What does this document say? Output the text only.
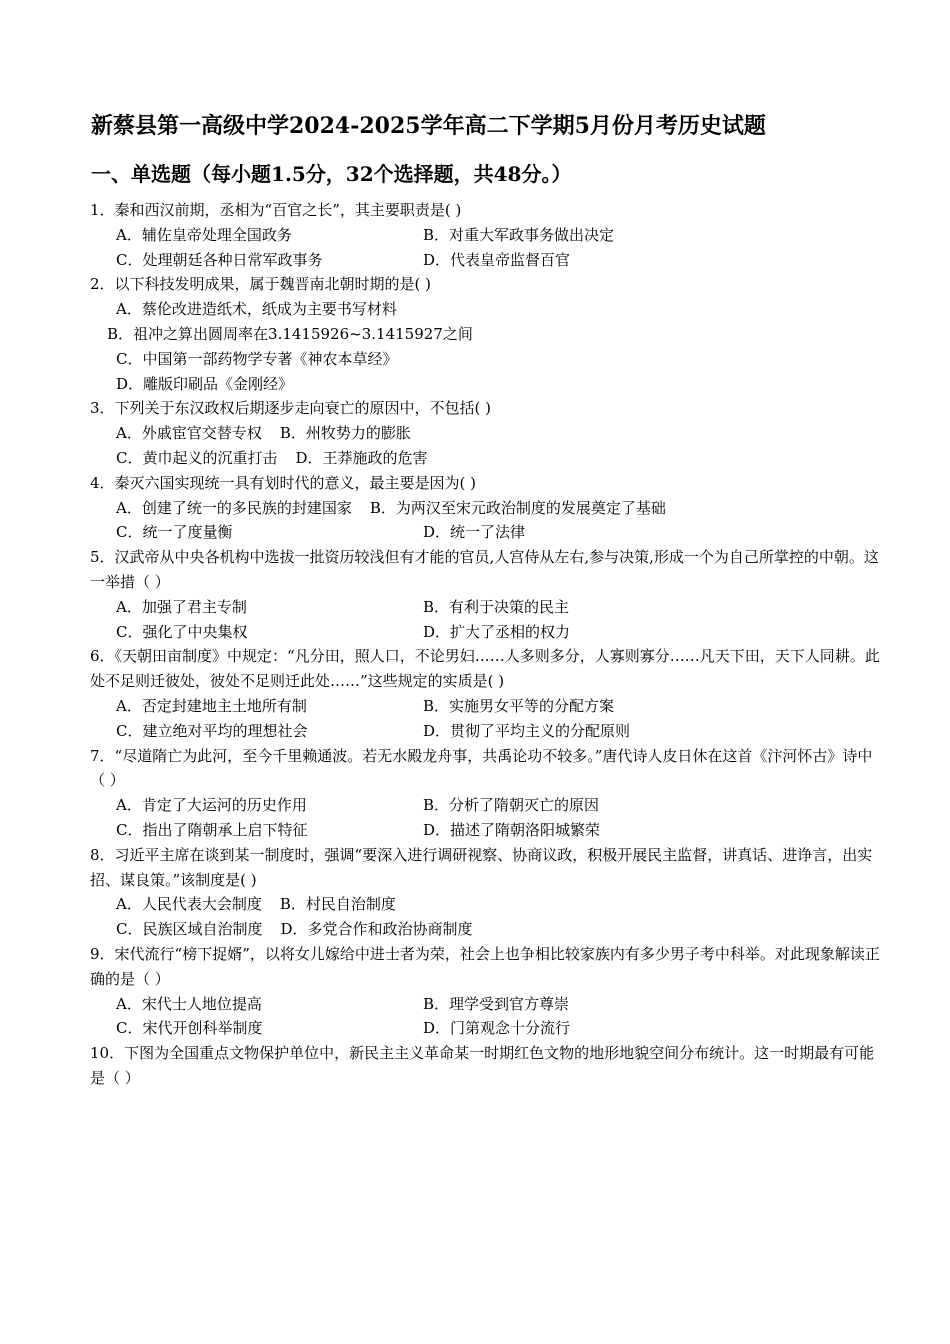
新蔡县第一高级中学2024-2025学年高二下学期5月份月考历史试题
一、单选题（每小题1.5分，32个选择题，共48分。）

1．秦和西汉前期，丞相为“百官之长”，其主要职责是( )

A．辅佐皇帝处理全国政务	B．对重大军政事务做出决定
C．处理朝廷各种日常军政事务	D．代表皇帝监督百官

2．以下科技发明成果，属于魏晋南北朝时期的是( )

A．蔡伦改进造纸术，纸成为主要书写材料
B．祖冲之算出圆周率在3.1415926~3.1415927之间
C．中国第一部药物学专著《神农本草经》
D．雕版印刷品《金刚经》

3．下列关于东汉政权后期逐步走向衰亡的原因中，不包括( )

A．外戚宦官交替专权 B．州牧势力的膨胀
C．黄巾起义的沉重打击 D．王莽施政的危害

4．秦灭六国实现统一具有划时代的意义，最主要是因为( )

A．创建了统一的多民族的封建国家 B．为两汉至宋元政治制度的发展奠定了基础
C．统一了度量衡	D．统一了法律

5．汉武帝从中央各机构中选拔一批资历较浅但有才能的官员,人宫侍从左右,参与决策,形成一个为自己所掌控的中朝。这一举措（ ）

A．加强了君主专制	B．有利于决策的民主
C．强化了中央集权	D．扩大了丞相的权力

6．《天朝田亩制度》中规定：“凡分田，照人口，不论男妇……人多则多分，人寡则寡分……凡天下田，天下人同耕。此处不足则迁彼处，彼处不足则迁此处……”这些规定的实质是( )

A．否定封建地主土地所有制	B．实施男女平等的分配方案
C．建立绝对平均的理想社会	D．贯彻了平均主义的分配原则

7．“尽道隋亡为此河，至今千里赖通波。若无水殿龙舟事，共禹论功不较多。”唐代诗人皮日休在这首《汴河怀古》诗中（ ）

A．肯定了大运河的历史作用	B．分析了隋朝灭亡的原因
C．指出了隋朝承上启下特征	D．描述了隋朝洛阳城繁荣

8．习近平主席在谈到某一制度时，强调“要深入进行调研视察、协商议政，积极开展民主监督，讲真话、进诤言，出实招、谋良策。”该制度是( )

A．人民代表大会制度 B．村民自治制度
C．民族区域自治制度 D．多党合作和政治协商制度

9．宋代流行“榜下捉婿”，以将女儿嫁给中进士者为荣，社会上也争相比较家族内有多少男子考中科举。对此现象解读正确的是（ ）

A．宋代士人地位提高	B．理学受到官方尊崇
C．宋代开创科举制度	D．门第观念十分流行

10．下图为全国重点文物保护单位中，新民主主义革命某一时期红色文物的地形地貌空间分布统计。这一时期最有可能是（ ）
